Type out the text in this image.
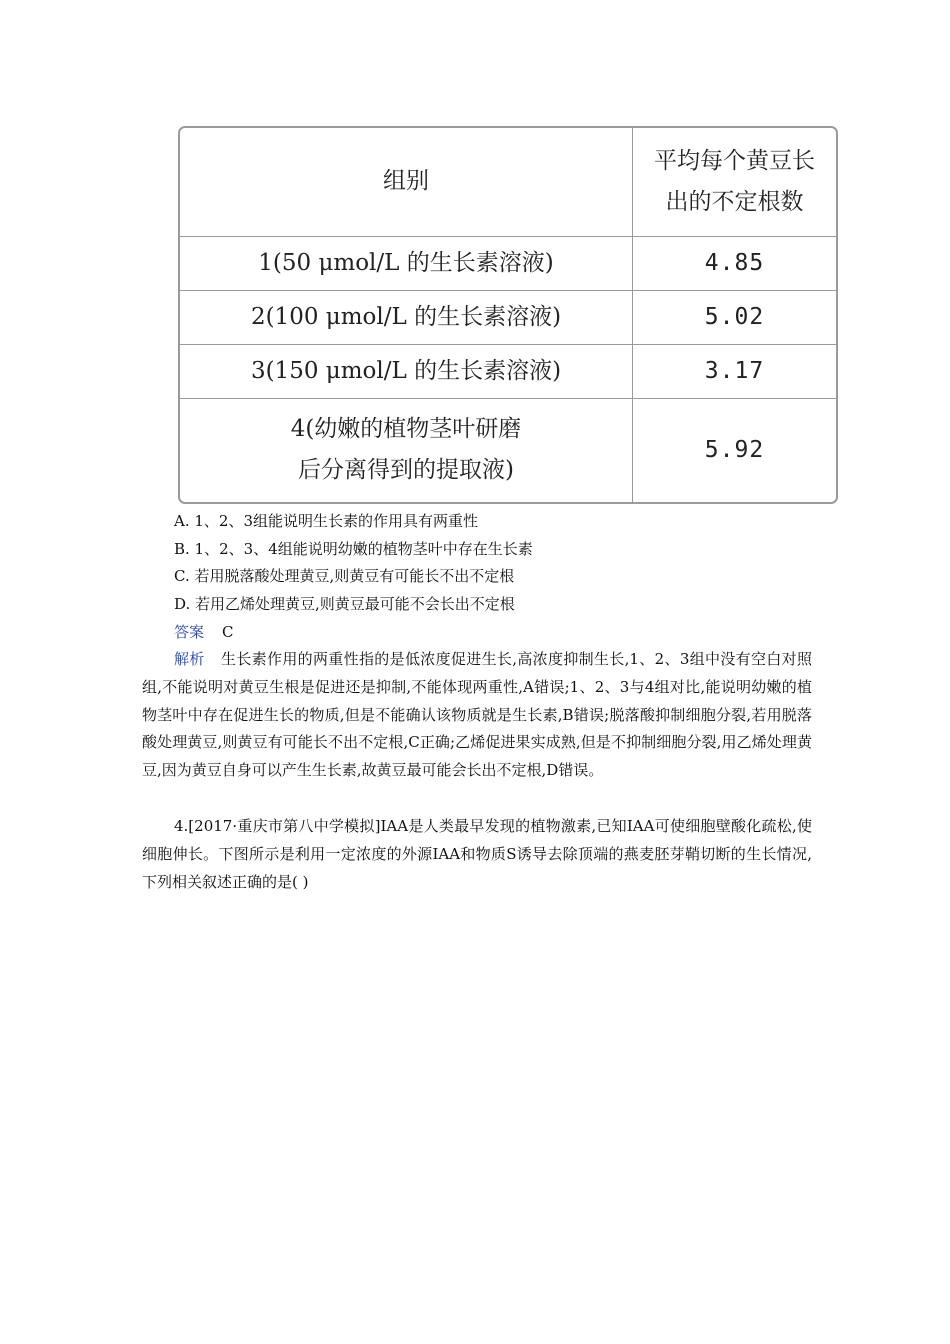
组别	平均每个黄豆长
出的不定根数
1(50 μmol/L 的生长素溶液)	4.85
2(100 μmol/L 的生长素溶液)	5.02
3(150 μmol/L 的生长素溶液)	3.17
4(幼嫩的植物茎叶研磨
后分离得到的提取液)	5.92
A. 1、2、3组能说明生长素的作用具有两重性
B. 1、2、3、4组能说明幼嫩的植物茎叶中存在生长素
C. 若用脱落酸处理黄豆,则黄豆有可能长不出不定根
D. 若用乙烯处理黄豆,则黄豆最可能不会长出不定根
答案 C
解析 生长素作用的两重性指的是低浓度促进生长,高浓度抑制生长,1、2、3组中没有空白对照组,不能说明对黄豆生根是促进还是抑制,不能体现两重性,A错误;1、2、3与4组对比,能说明幼嫩的植物茎叶中存在促进生长的物质,但是不能确认该物质就是生长素,B错误;脱落酸抑制细胞分裂,若用脱落酸处理黄豆,则黄豆有可能长不出不定根,C正确;乙烯促进果实成熟,但是不抑制细胞分裂,用乙烯处理黄豆,因为黄豆自身可以产生生长素,故黄豆最可能会长出不定根,D错误。
4.[2017·重庆市第八中学模拟]IAA是人类最早发现的植物激素,已知IAA可使细胞壁酸化疏松,使细胞伸长。下图所示是利用一定浓度的外源IAA和物质S诱导去除顶端的燕麦胚芽鞘切断的生长情况,下列相关叙述正确的是( )
